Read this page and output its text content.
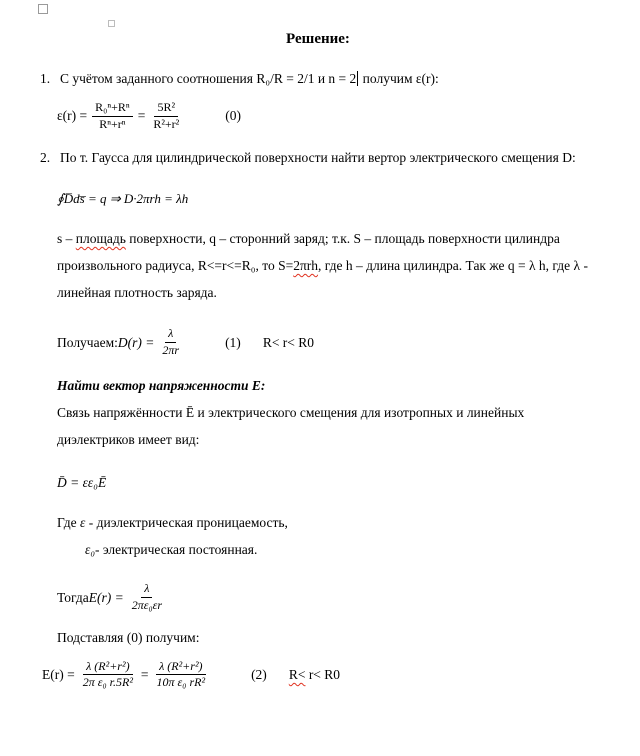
Решение:
1. С учётом заданного соотношения R₀/R = 2/1 и n = 2 получим ε(r):
$\varepsilon(r) = \frac{\text{R₀ⁿ+Rⁿ}}{\text{Rⁿ+rⁿ}} = \frac{\text{5R²}}{\text{R²+r²}}$	(0)
2. По т. Гаусса для цилиндрической поверхности найти вертор электрического смещения D:
∮D̅ds̅ = q ⇒ D·2πrh = λh
s – площадь поверхности, q – сторонний заряд; т.к. S – площадь поверхности цилиндра произвольного радиуса, R<=r<=R₀, то S=2πrh, где h – длина цилиндра. Так же q = λ h, где λ - линейная плотность заряда.
Получаем: $D(r) = \frac{\lambda}{2\pi r}$	(1) R< r< R0
Найти вектор напряженности E:
Связь напряжённости Ē и электрического смещения для изотропных и линейных диэлектриков имеет вид:
D̄ = εε₀Ē
Где ε - диэлектрическая проницаемость,
ε₀- электрическая постоянная.
Тогда $E(r) = \frac{\lambda}{\text{2πε₀εr}}$
Подставляя (0) получим:
$E(r) = \frac{\text{λ (R²+r²)}}{\text{2π ε₀ r.5R²}} = \frac{\text{λ (R²+r²)}}{\text{10π ε₀ rR²}}$	(2) R< r< R0
